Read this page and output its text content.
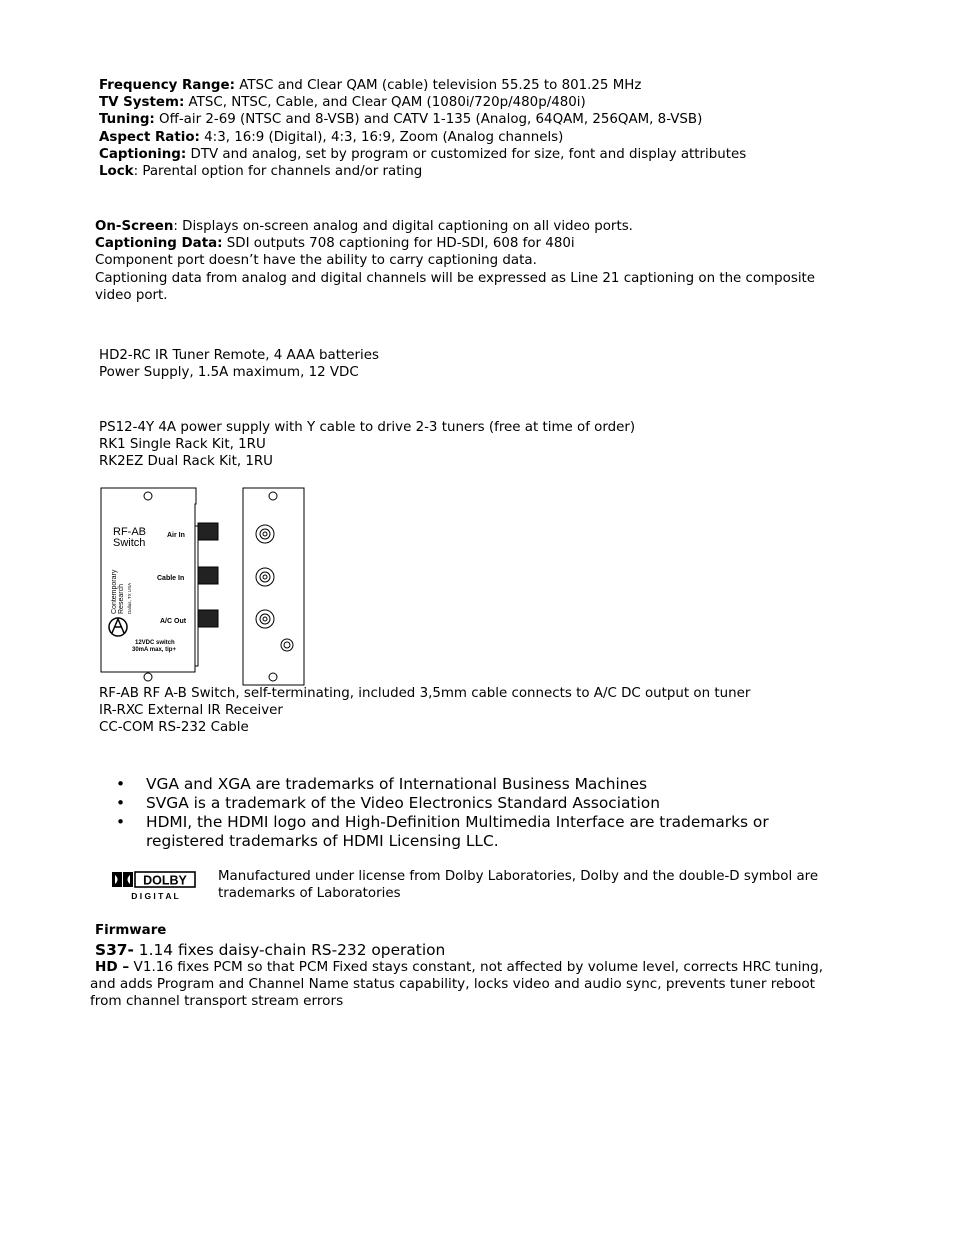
Frequency Range: ATSC and Clear QAM (cable) television 55.25 to 801.25 MHz
TV System: ATSC, NTSC, Cable, and Clear QAM (1080i/720p/480p/480i)
Tuning: Off-air 2-69 (NTSC and 8-VSB) and CATV 1-135 (Analog, 64QAM, 256QAM, 8-VSB)
Aspect Ratio: 4:3, 16:9 (Digital), 4:3, 16:9, Zoom (Analog channels)
Captioning: DTV and analog, set by program or customized for size, font and display attributes
Lock: Parental option for channels and/or rating
On-Screen: Displays on-screen analog and digital captioning on all video ports.
Captioning Data: SDI outputs 708 captioning for HD-SDI, 608 for 480i
Component port doesn’t have the ability to carry captioning data.
Captioning data from analog and digital channels will be expressed as Line 21 captioning on the composite
video port.
HD2-RC IR Tuner Remote, 4 AAA batteries
Power Supply, 1.5A maximum, 12 VDC
PS12-4Y 4A power supply with Y cable to drive 2-3 tuners (free at time of order)
RK1 Single Rack Kit, 1RU
RK2EZ Dual Rack Kit, 1RU
RF-AB
Switch
Air In
Cable In
A/C Out
Contemporary Research Dallas, TX USA
12VDC switch
30mA max, tip+
RF-AB RF A-B Switch, self-terminating, included 3,5mm cable connects to A/C DC output on tuner
IR-RXC External IR Receiver
CC-COM RS-232 Cable
•	VGA and XGA are trademarks of International Business Machines
•	SVGA is a trademark of the Video Electronics Standard Association
•	HDMI, the HDMI logo and High-Definition Multimedia Interface are trademarks or
registered trademarks of HDMI Licensing LLC.
DOLBY
D I G I T A L
Manufactured under license from Dolby Laboratories, Dolby and the double-D symbol are
trademarks of Laboratories
Firmware
S37- 1.14 fixes daisy-chain RS-232 operation
HD – V1.16 fixes PCM so that PCM Fixed stays constant, not affected by volume level, corrects HRC tuning,
and adds Program and Channel Name status capability, locks video and audio sync, prevents tuner reboot
from channel transport stream errors
